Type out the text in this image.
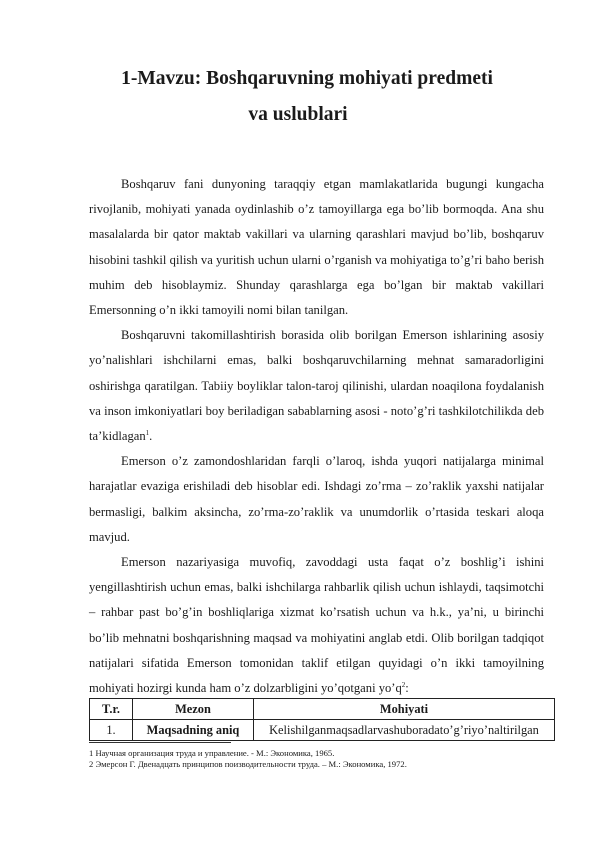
1-Mavzu: Boshqaruvning mohiyati predmeti
va uslublari

Boshqaruv fani dunyoning taraqqiy etgan mamlakatlarida bugungi kungacha rivojlanib, mohiyati yanada oydinlashib o’z tamoyillarga ega bo’lib bormoqda. Ana shu masalalarda bir qator maktab vakillari va ularning qarashlari mavjud bo’lib, boshqaruv hisobini tashkil qilish va yuritish uchun ularni o’rganish va mohiyatiga to’g’ri baho berish muhim deb hisoblaymiz. Shunday qarashlarga ega bo’lgan bir maktab vakillari Emersonning o’n ikki tamoyili nomi bilan tanilgan.

Boshqaruvni takomillashtirish borasida olib borilgan Emerson ishlarining asosiy yo’nalishlari ishchilarni emas, balki boshqaruvchilarning mehnat samaradorligini oshirishga qaratilgan. Tabiiy boyliklar talon-taroj qilinishi, ulardan noaqilona foydalanish va inson imkoniyatlari boy beriladigan sabablarning asosi - noto’g’ri tashkilotchilikda deb ta’kidlagan$^1$.

Emerson o’z zamondoshlaridan farqli o’laroq, ishda yuqori natijalarga minimal harajatlar evaziga erishiladi deb hisoblar edi. Ishdagi zo’rma – zo’raklik yaxshi natijalar bermasligi, balkim aksincha, zo’rma-zo’raklik va unumdorlik o’rtasida teskari aloqa mavjud.

Emerson nazariyasiga muvofiq, zavoddagi usta faqat o’z boshlig’i ishini yengillashtirish uchun emas, balki ishchilarga rahbarlik qilish uchun ishlaydi, taqsimotchi – rahbar past bo’g’in boshliqlariga xizmat ko’rsatish uchun va h.k., ya’ni, u birinchi bo’lib mehnatni boshqarishning maqsad va mohiyatini anglab etdi. Olib borilgan tadqiqot natijalari sifatida Emerson tomonidan taklif etilgan quyidagi o’n ikki tamoyilning mohiyati hozirgi kunda ham o’z dolzarbligini yo’qotgani $yo’q^2$:

T.r.	Mezon	Mohiyati
1.	Maqsadning aniq	Kelishilganmaqsadlarvashuboradato’g’riyo’naltirilgan
1 Научная организация труда и управление. - М.: Экономика, 1965.
2 Эмерсон Г. Двенадцать принципов поизводительности труда. – М.: Экономика, 1972.
